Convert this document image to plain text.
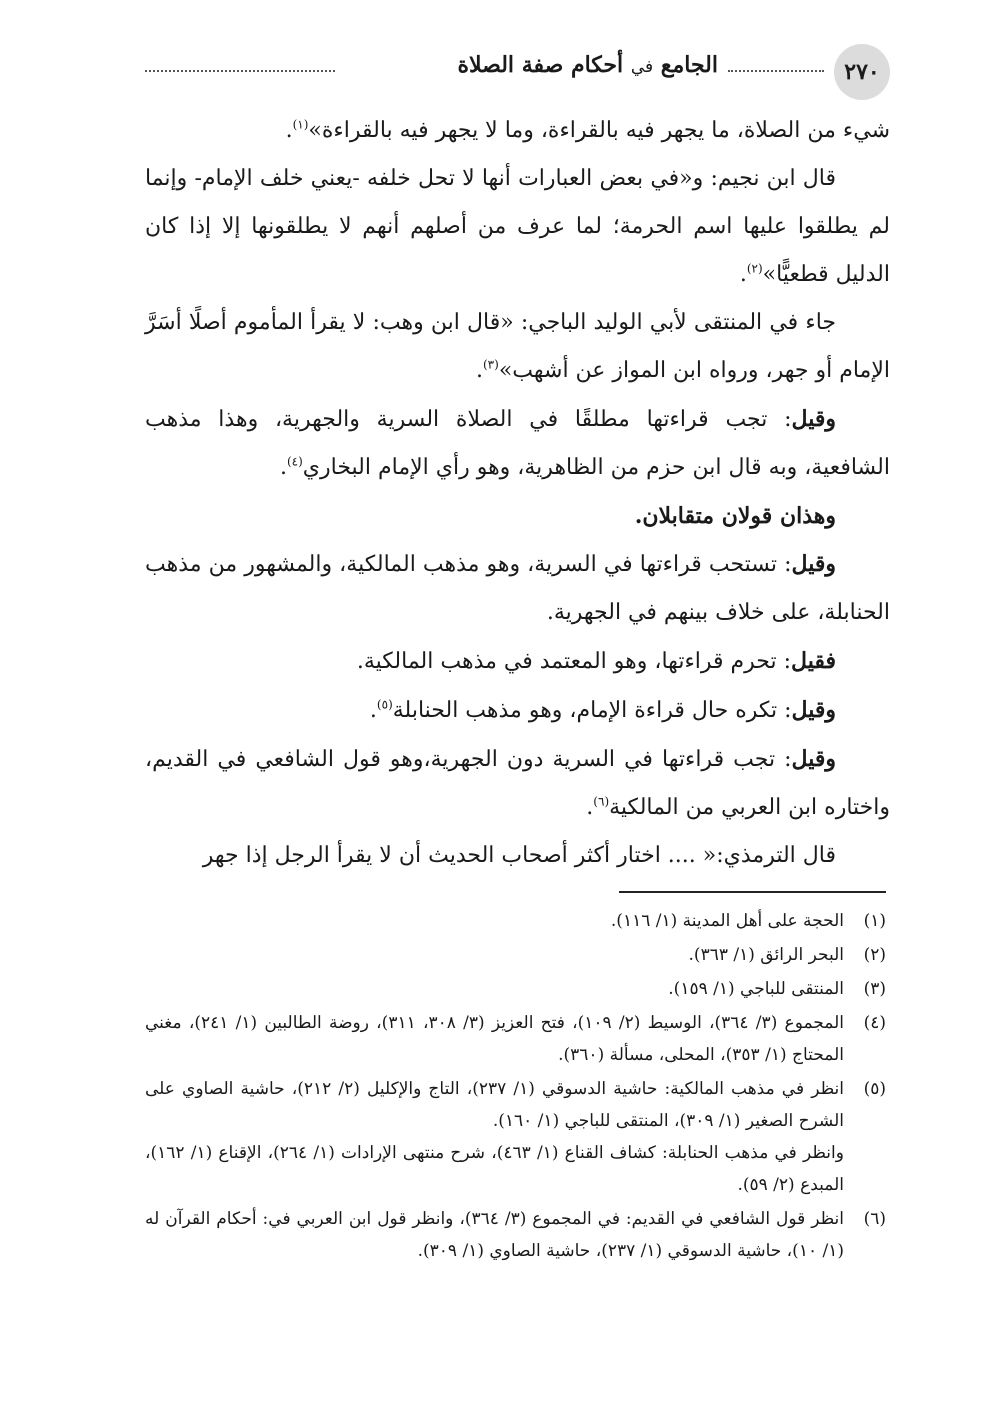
٢٧٠
الجامع في أحكام صفة الصلاة

شيء من الصلاة، ما يجهر فيه بالقراءة، وما لا يجهر فيه بالقراءة»$^{(١)}$.

قال ابن نجيم: و«في بعض العبارات أنها لا تحل خلفه -يعني خلف الإمام- وإنما لم يطلقوا عليها اسم الحرمة؛ لما عرف من أصلهم أنهم لا يطلقونها إلا إذا كان الدليل قطعيًّا»$^{(٢)}$.

جاء في المنتقى لأبي الوليد الباجي: «قال ابن وهب: لا يقرأ المأموم أصلًا أسَرَّ الإمام أو جهر، ورواه ابن المواز عن أشهب»$^{(٣)}$.

وقيل: تجب قراءتها مطلقًا في الصلاة السرية والجهرية، وهذا مذهب الشافعية، وبه قال ابن حزم من الظاهرية، وهو رأي الإمام البخاري$^{(٤)}$.

وهذان قولان متقابلان.

وقيل: تستحب قراءتها في السرية، وهو مذهب المالكية، والمشهور من مذهب الحنابلة، على خلاف بينهم في الجهرية.

فقيل: تحرم قراءتها، وهو المعتمد في مذهب المالكية.

وقيل: تكره حال قراءة الإمام، وهو مذهب الحنابلة$^{(٥)}$.

وقيل: تجب قراءتها في السرية دون الجهرية،وهو قول الشافعي في القديم، واختاره ابن العربي من المالكية$^{(٦)}$.

قال الترمذي:« .... اختار أكثر أصحاب الحديث أن لا يقرأ الرجل إذا جهر

(١)
الحجة على أهل المدينة (١/ ١١٦).
(٢)
البحر الرائق (١/ ٣٦٣).
(٣)
المنتقى للباجي (١/ ١٥٩).
(٤)
المجموع (٣/ ٣٦٤)، الوسيط (٢/ ١٠٩)، فتح العزيز (٣/ ٣٠٨، ٣١١)، روضة الطالبين (١/ ٢٤١)، مغني المحتاج (١/ ٣٥٣)، المحلى، مسألة (٣٦٠).
(٥)
انظر في مذهب المالكية: حاشية الدسوقي (١/ ٢٣٧)، التاج والإكليل (٢/ ٢١٢)، حاشية الصاوي على الشرح الصغير (١/ ٣٠٩)، المنتقى للباجي (١/ ١٦٠).
وانظر في مذهب الحنابلة: كشاف القناع (١/ ٤٦٣)، شرح منتهى الإرادات (١/ ٢٦٤)، الإقناع (١/ ١٦٢)، المبدع (٢/ ٥٩).
(٦)
انظر قول الشافعي في القديم: في المجموع (٣/ ٣٦٤)، وانظر قول ابن العربي في: أحكام القرآن له (١/ ١٠)، حاشية الدسوقي (١/ ٢٣٧)، حاشية الصاوي (١/ ٣٠٩).
